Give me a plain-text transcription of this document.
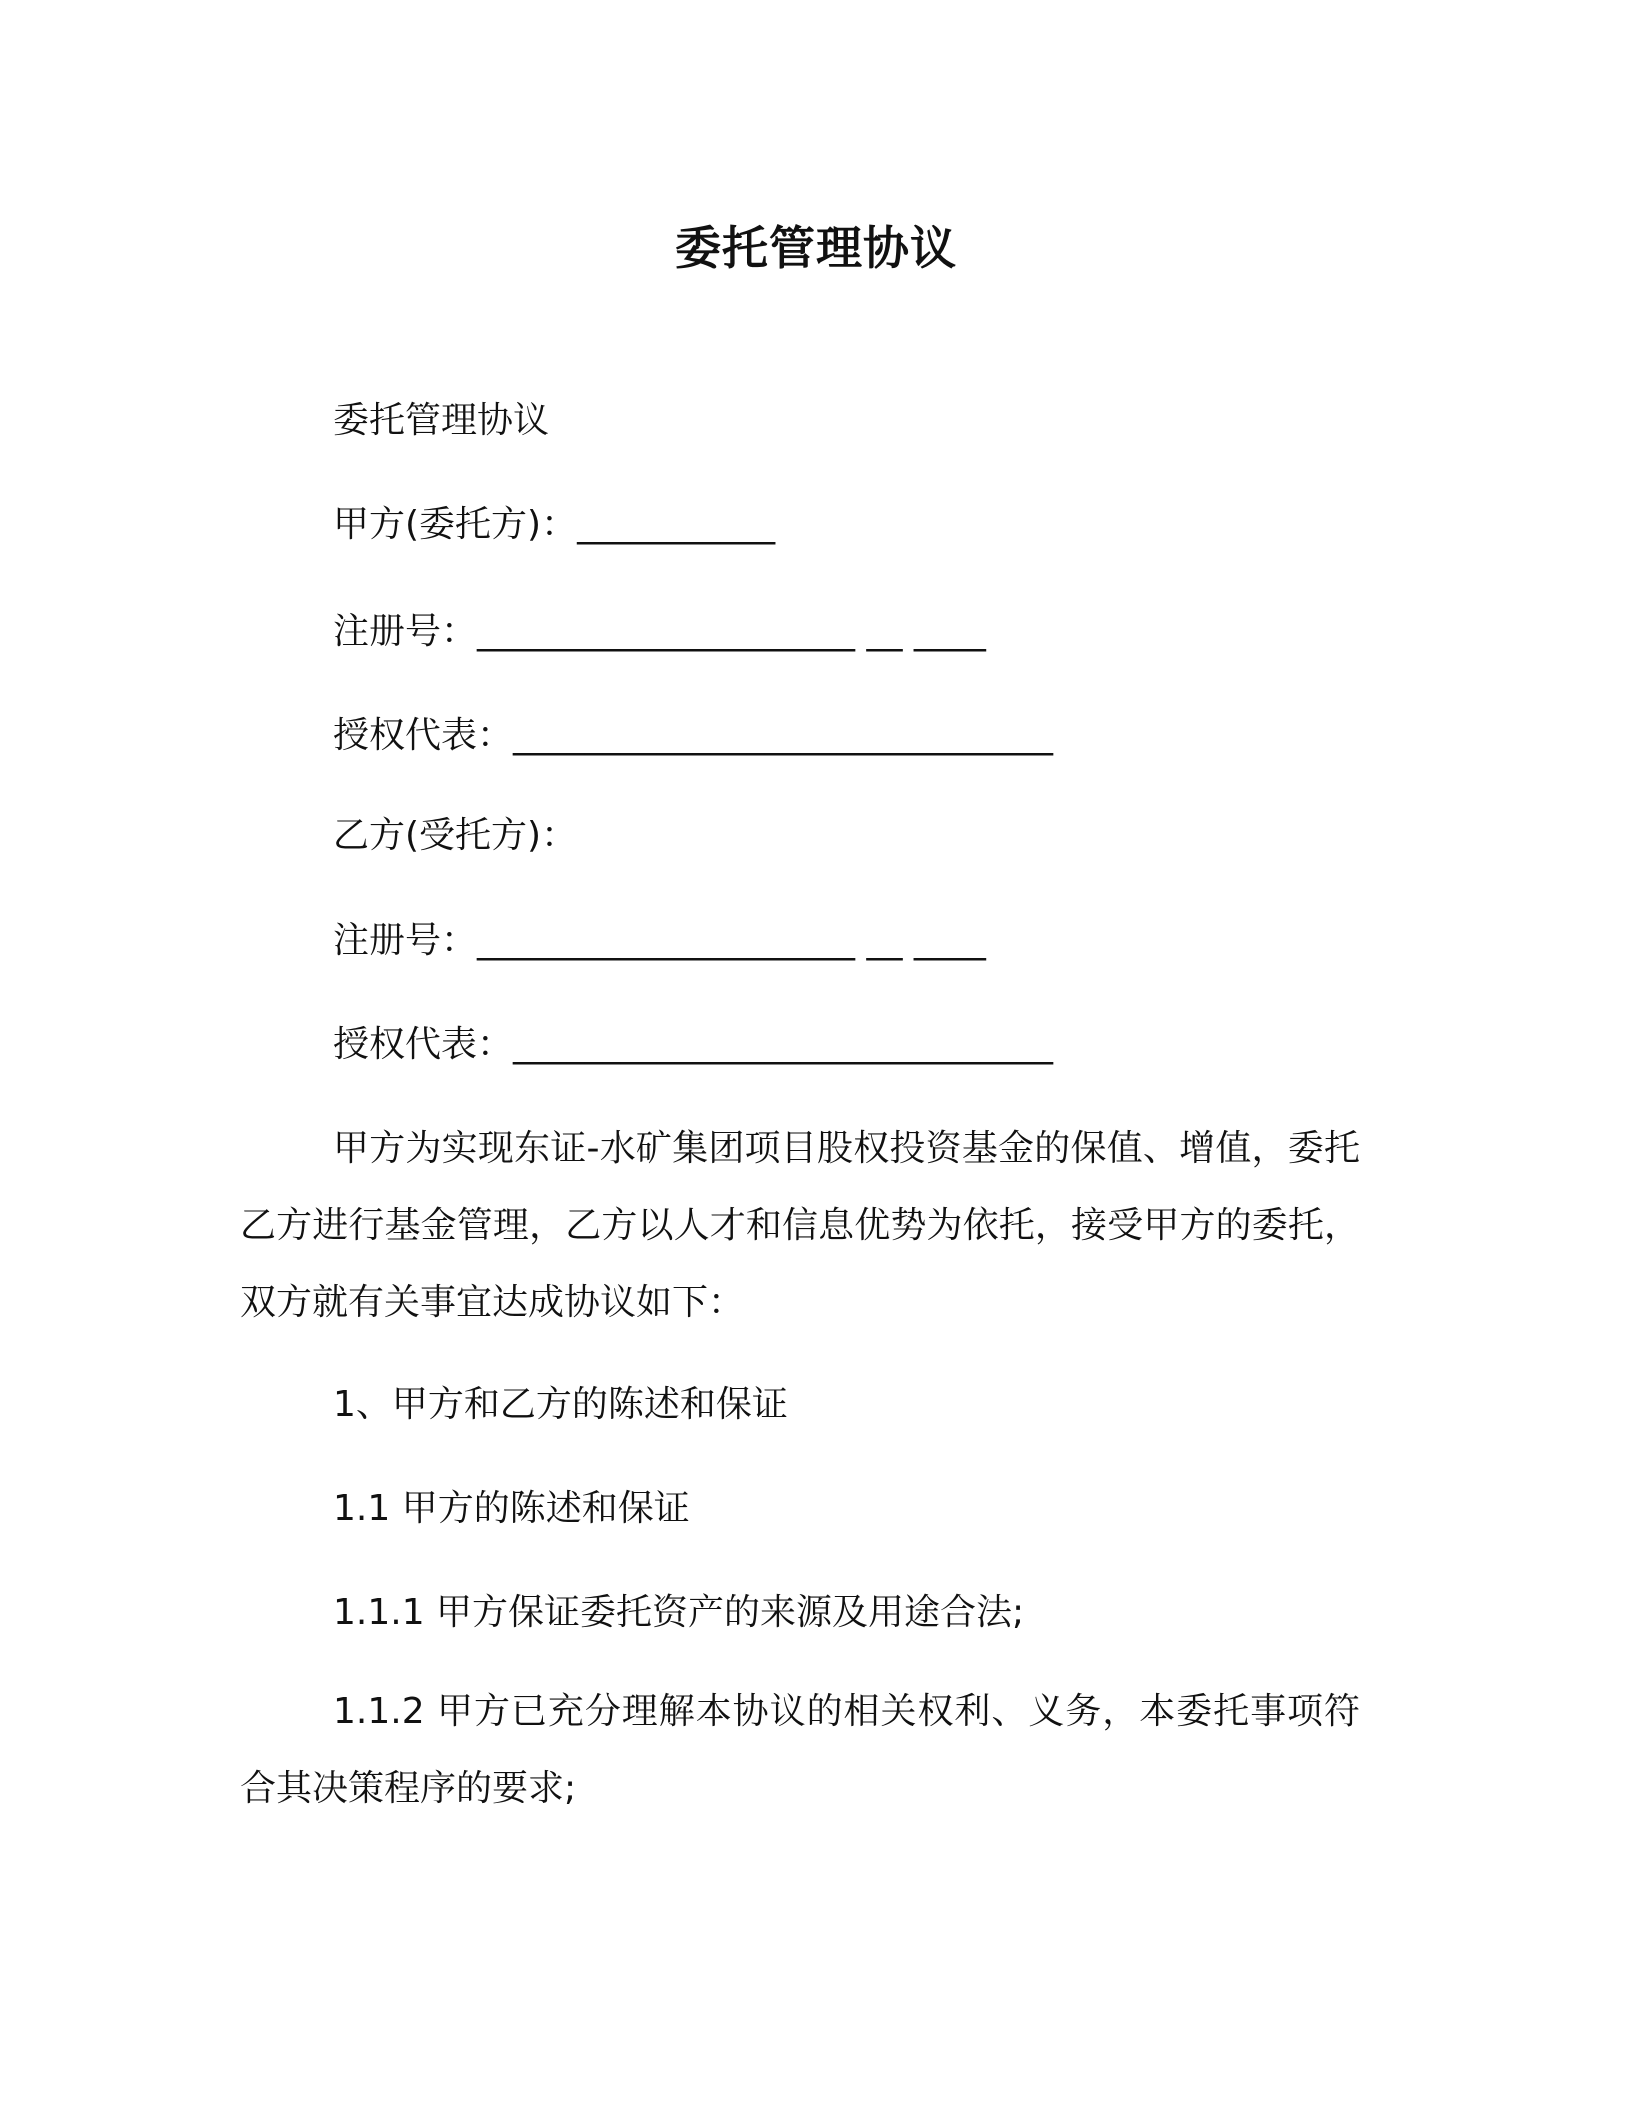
委托管理协议
委托管理协议
甲方(委托方)：___________
注册号：_____________________ __ ____
授权代表：______________________________
乙方(受托方)：
注册号：_____________________ __ ____
授权代表：______________________________
甲方为实现东证-水矿集团项目股权投资基金的保值、增值，委托乙方进行基金管理，乙方以人才和信息优势为依托，接受甲方的委托，双方就有关事宜达成协议如下：
1、甲方和乙方的陈述和保证
1.1 甲方的陈述和保证
1.1.1 甲方保证委托资产的来源及用途合法;
1.1.2 甲方已充分理解本协议的相关权利、义务，本委托事项符合其决策程序的要求;
